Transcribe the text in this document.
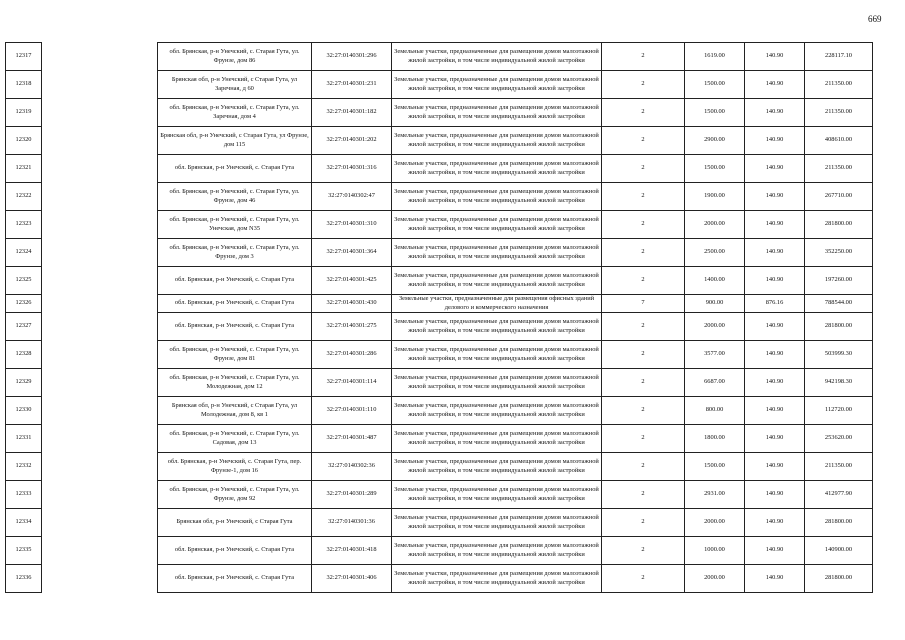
669
12317		обл. Брянская, р-н Унечский, с. Старая Гута, ул. Фрунзе, дом 86	32:27:0140301:296	Земельные участки, предназначенные для размещения домов малоэтажной жилой застройки, в том числе индивидуальной жилой застройки	2	1619.00	140.90	228117.10
12318		Брянская обл, р-н Унечский, с Старая Гута, ул Заречная, д 60	32:27:0140301:231	Земельные участки, предназначенные для размещения домов малоэтажной жилой застройки, в том числе индивидуальной жилой застройки	2	1500.00	140.90	211350.00
12319		обл. Брянская, р-н Унечский, с. Старая Гута, ул. Заречная, дом 4	32:27:0140301:182	Земельные участки, предназначенные для размещения домов малоэтажной жилой застройки, в том числе индивидуальной жилой застройки	2	1500.00	140.90	211350.00
12320		Брянская обл, р-н Унечский, с Старая Гута, ул Фрунзе, дом 115	32:27:0140301:202	Земельные участки, предназначенные для размещения домов малоэтажной жилой застройки, в том числе индивидуальной жилой застройки	2	2900.00	140.90	408610.00
12321		обл. Брянская, р-н Унечский, с. Старая Гута	32:27:0140301:316	Земельные участки, предназначенные для размещения домов малоэтажной жилой застройки, в том числе индивидуальной жилой застройки	2	1500.00	140.90	211350.00
12322		обл. Брянская, р-н Унечский, с. Старая Гута, ул. Фрунзе, дом 46	32:27:0140302:47	Земельные участки, предназначенные для размещения домов малоэтажной жилой застройки, в том числе индивидуальной жилой застройки	2	1900.00	140.90	267710.00
12323		обл. Брянская, р-н Унечский, с. Старая Гута, ул. Унечская, дом N35	32:27:0140301:310	Земельные участки, предназначенные для размещения домов малоэтажной жилой застройки, в том числе индивидуальной жилой застройки	2	2000.00	140.90	281800.00
12324		обл. Брянская, р-н Унечский, с. Старая Гута, ул. Фрунзе, дом 3	32:27:0140301:364	Земельные участки, предназначенные для размещения домов малоэтажной жилой застройки, в том числе индивидуальной жилой застройки	2	2500.00	140.90	352250.00
12325		обл. Брянская, р-н Унечский, с. Старая Гута	32:27:0140301:425	Земельные участки, предназначенные для размещения домов малоэтажной жилой застройки, в том числе индивидуальной жилой застройки	2	1400.00	140.90	197260.00
12326		обл. Брянская, р-н Унечский, с. Старая Гута	32:27:0140301:430	Земельные участки, предназначенные для размещения офисных зданий делового и коммерческого назначения	7	900.00	876.16	788544.00
12327		обл. Брянская, р-н Унечский, с. Старая Гута	32:27:0140301:275	Земельные участки, предназначенные для размещения домов малоэтажной жилой застройки, в том числе индивидуальной жилой застройки	2	2000.00	140.90	281800.00
12328		обл. Брянская, р-н Унечский, с. Старая Гута, ул. Фрунзе, дом 81	32:27:0140301:286	Земельные участки, предназначенные для размещения домов малоэтажной жилой застройки, в том числе индивидуальной жилой застройки	2	3577.00	140.90	503999.30
12329		обл. Брянская, р-н Унечский, с. Старая Гута, ул. Молодежная, дом 12	32:27:0140301:114	Земельные участки, предназначенные для размещения домов малоэтажной жилой застройки, в том числе индивидуальной жилой застройки	2	6687.00	140.90	942198.30
12330		Брянская обл, р-н Унечский, с Старая Гута, ул Молодежная, дом 8, кв 1	32:27:0140301:110	Земельные участки, предназначенные для размещения домов малоэтажной жилой застройки, в том числе индивидуальной жилой застройки	2	800.00	140.90	112720.00
12331		обл. Брянская, р-н Унечский, с. Старая Гута, ул. Садовая, дом 13	32:27:0140301:487	Земельные участки, предназначенные для размещения домов малоэтажной жилой застройки, в том числе индивидуальной жилой застройки	2	1800.00	140.90	253620.00
12332		обл. Брянская, р-н Унечский, с. Старая Гута, пер. Фрунзе-1, дом 16	32:27:0140302:36	Земельные участки, предназначенные для размещения домов малоэтажной жилой застройки, в том числе индивидуальной жилой застройки	2	1500.00	140.90	211350.00
12333		обл. Брянская, р-н Унечский, с. Старая Гута, ул. Фрунзе, дом 92	32:27:0140301:289	Земельные участки, предназначенные для размещения домов малоэтажной жилой застройки, в том числе индивидуальной жилой застройки	2	2931.00	140.90	412977.90
12334		Брянская обл, р-н Унечский, с Старая Гута	32:27:0140301:36	Земельные участки, предназначенные для размещения домов малоэтажной жилой застройки, в том числе индивидуальной жилой застройки	2	2000.00	140.90	281800.00
12335		обл. Брянская, р-н Унечский, с. Старая Гута	32:27:0140301:418	Земельные участки, предназначенные для размещения домов малоэтажной жилой застройки, в том числе индивидуальной жилой застройки	2	1000.00	140.90	140900.00
12336		обл. Брянская, р-н Унечский, с. Старая Гута	32:27:0140301:406	Земельные участки, предназначенные для размещения домов малоэтажной жилой застройки, в том числе индивидуальной жилой застройки	2	2000.00	140.90	281800.00
